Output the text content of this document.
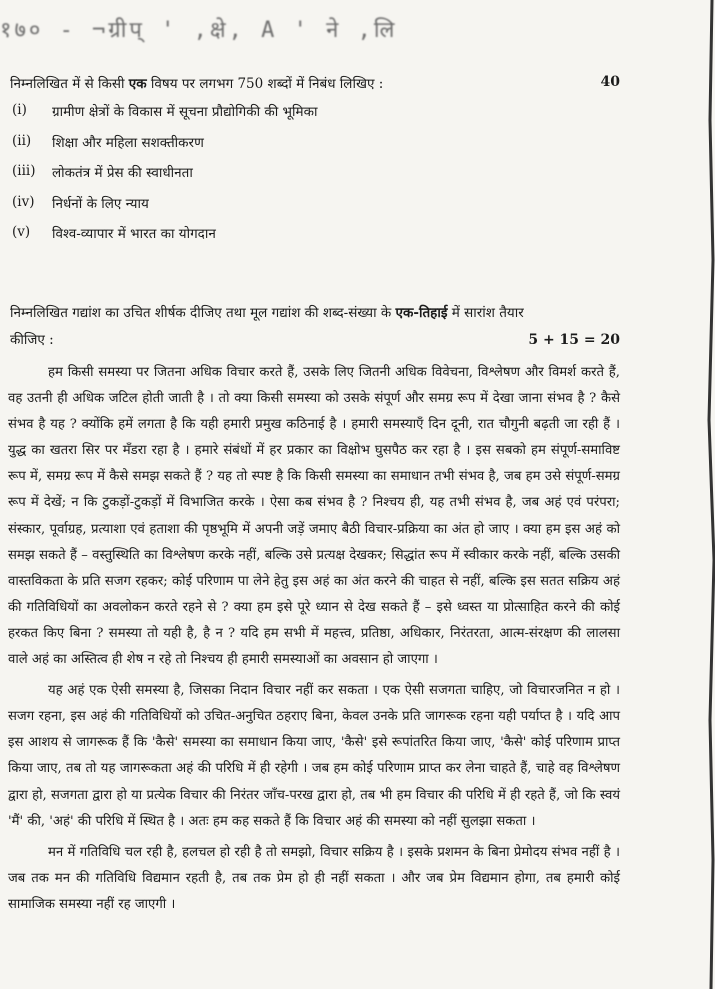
१७० - ¬ग्रीप् ' ,क्षे, A ' ने ,लि
निम्नलिखित में से किसी एक विषय पर लगभग 750 शब्दों में निबंध लिखिए :	40
(i)	ग्रामीण क्षेत्रों के विकास में सूचना प्रौद्योगिकी की भूमिका
(ii)	शिक्षा और महिला सशक्तीकरण
(iii)	लोकतंत्र में प्रेस की स्वाधीनता
(iv)	निर्धनों के लिए न्याय
(v)	विश्व-व्यापार में भारत का योगदान
निम्नलिखित गद्यांश का उचित शीर्षक दीजिए तथा मूल गद्यांश की शब्द-संख्या के एक-तिहाई में सारांश तैयार
कीजिए :	5 + 15 = 20

हम किसी समस्या पर जितना अधिक विचार करते हैं, उसके लिए जितनी अधिक विवेचना, विश्लेषण और विमर्श करते हैं, वह उतनी ही अधिक जटिल होती जाती है । तो क्या किसी समस्या को उसके संपूर्ण और समग्र रूप में देखा जाना संभव है ? कैसे संभव है यह ? क्योंकि हमें लगता है कि यही हमारी प्रमुख कठिनाई है । हमारी समस्याएँ दिन दूनी, रात चौगुनी बढ़ती जा रही हैं । युद्ध का खतरा सिर पर मँडरा रहा है । हमारे संबंधों में हर प्रकार का विक्षोभ घुसपैठ कर रहा है । इस सबको हम संपूर्ण-समाविष्ट रूप में, समग्र रूप में कैसे समझ सकते हैं ? यह तो स्पष्ट है कि किसी समस्या का समाधान तभी संभव है, जब हम उसे संपूर्ण-समग्र रूप में देखें; न कि टुकड़ों-टुकड़ों में विभाजित करके । ऐसा कब संभव है ? निश्चय ही, यह तभी संभव है, जब अहं एवं परंपरा; संस्कार, पूर्वाग्रह, प्रत्याशा एवं हताशा की पृष्ठभूमि में अपनी जड़ें जमाए बैठी विचार-प्रक्रिया का अंत हो जाए । क्या हम इस अहं को समझ सकते हैं – वस्तुस्थिति का विश्लेषण करके नहीं, बल्कि उसे प्रत्यक्ष देखकर; सिद्धांत रूप में स्वीकार करके नहीं, बल्कि उसकी वास्तविकता के प्रति सजग रहकर; कोई परिणाम पा लेने हेतु इस अहं का अंत करने की चाहत से नहीं, बल्कि इस सतत सक्रिय अहं की गतिविधियों का अवलोकन करते रहने से ? क्या हम इसे पूरे ध्यान से देख सकते हैं – इसे ध्वस्त या प्रोत्साहित करने की कोई हरकत किए बिना ? समस्या तो यही है, है न ? यदि हम सभी में महत्त्व, प्रतिष्ठा, अधिकार, निरंतरता, आत्म-संरक्षण की लालसा वाले अहं का अस्तित्व ही शेष न रहे तो निश्चय ही हमारी समस्याओं का अवसान हो जाएगा ।

यह अहं एक ऐसी समस्या है, जिसका निदान विचार नहीं कर सकता । एक ऐसी सजगता चाहिए, जो विचारजनित न हो । सजग रहना, इस अहं की गतिविधियों को उचित-अनुचित ठहराए बिना, केवल उनके प्रति जागरूक रहना यही पर्याप्त है । यदि आप इस आशय से जागरूक हैं कि 'कैसे' समस्या का समाधान किया जाए, 'कैसे' इसे रूपांतरित किया जाए, 'कैसे' कोई परिणाम प्राप्त किया जाए, तब तो यह जागरूकता अहं की परिधि में ही रहेगी । जब हम कोई परिणाम प्राप्त कर लेना चाहते हैं, चाहे वह विश्लेषण द्वारा हो, सजगता द्वारा हो या प्रत्येक विचार की निरंतर जाँच-परख द्वारा हो, तब भी हम विचार की परिधि में ही रहते हैं, जो कि स्वयं 'मैं' की, 'अहं' की परिधि में स्थित है । अतः हम कह सकते हैं कि विचार अहं की समस्या को नहीं सुलझा सकता ।

मन में गतिविधि चल रही है, हलचल हो रही है तो समझो, विचार सक्रिय है । इसके प्रशमन के बिना प्रेमोदय संभव नहीं है । जब तक मन की गतिविधि विद्यमान रहती है, तब तक प्रेम हो ही नहीं सकता । और जब प्रेम विद्यमान होगा, तब हमारी कोई सामाजिक समस्या नहीं रह जाएगी ।
